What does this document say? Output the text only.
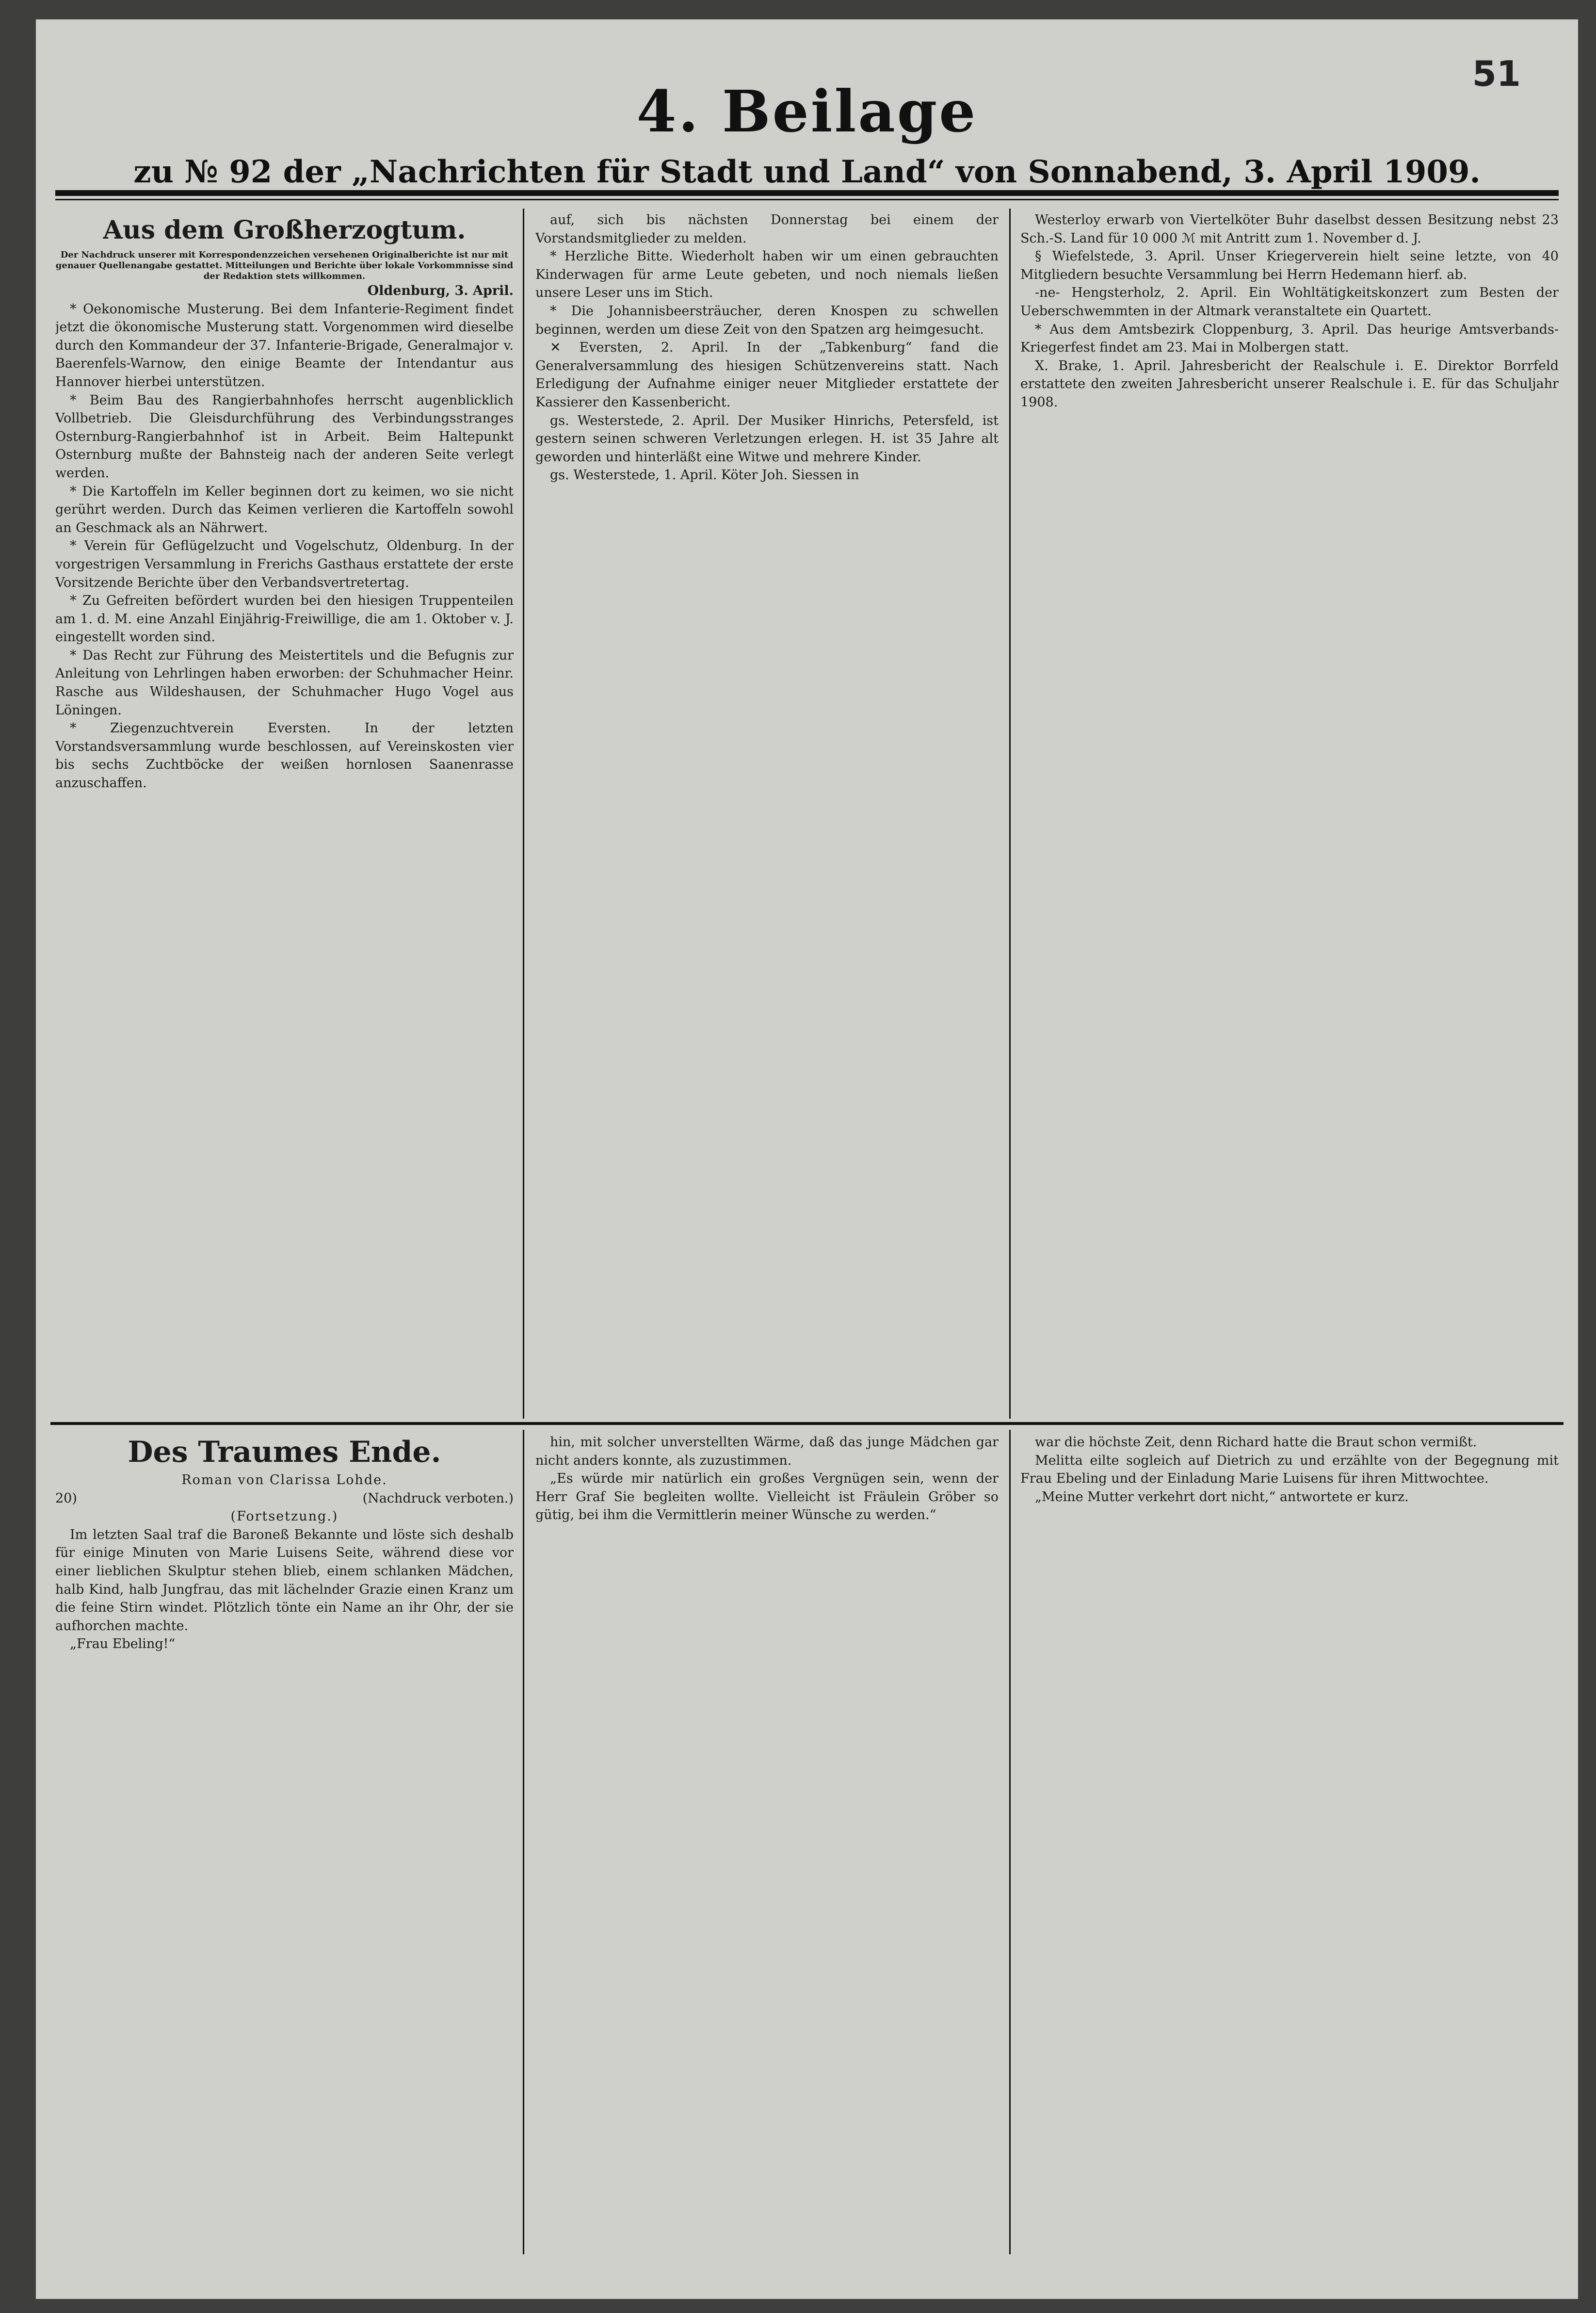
51
4. Beilage
zu № 92 der „Nachrichten für Stadt und Land“ von Sonnabend, 3. April 1909.

Aus dem Großherzogtum.

Der Nachdruck unserer mit Korrespondenzzeichen versehenen Originalberichte ist nur mit genauer Quellenangabe gestattet. Mitteilungen und Berichte über lokale Vorkommnisse sind der Redaktion stets willkommen.

Oldenburg, 3. April.

* Oekonomische Musterung. Bei dem Infanterie-Regiment findet jetzt die ökonomische Musterung statt. Vorgenommen wird dieselbe durch den Kommandeur der 37. Infanterie-Brigade, Generalmajor v. Baerenfels-Warnow, den einige Beamte der Intendantur aus Hannover hierbei unterstützen.

* Beim Bau des Rangierbahnhofes herrscht augenblicklich Vollbetrieb. Die Gleisdurchführung des Verbindungsstranges Osternburg-Rangierbahnhof ist in Arbeit. Beim Haltepunkt Osternburg mußte der Bahnsteig nach der anderen Seite verlegt werden.

* Die Kartoffeln im Keller beginnen dort zu keimen, wo sie nicht gerührt werden. Durch das Keimen verlieren die Kartoffeln sowohl an Geschmack als an Nährwert.

* Verein für Geflügelzucht und Vogelschutz, Oldenburg. In der vorgestrigen Versammlung in Frerichs Gasthaus erstattete der erste Vorsitzende Berichte über den Verbandsvertretertag.

* Zu Gefreiten befördert wurden bei den hiesigen Truppenteilen am 1. d. M. eine Anzahl Einjährig-Freiwillige, die am 1. Oktober v. J. eingestellt worden sind.

* Das Recht zur Führung des Meistertitels und die Befugnis zur Anleitung von Lehrlingen haben erworben: der Schuhmacher Heinr. Rasche aus Wildeshausen, der Schuhmacher Hugo Vogel aus Löningen.

* Ziegenzuchtverein Eversten. In der letzten Vorstandsversammlung wurde beschlossen, auf Vereinskosten vier bis sechs Zuchtböcke der weißen hornlosen Saanenrasse anzuschaffen.

auf, sich bis nächsten Donnerstag bei einem der Vorstandsmitglieder zu melden.

* Herzliche Bitte. Wiederholt haben wir um einen gebrauchten Kinderwagen für arme Leute gebeten, und noch niemals ließen unsere Leser uns im Stich.

* Die Johannisbeersträucher, deren Knospen zu schwellen beginnen, werden um diese Zeit von den Spatzen arg heimgesucht.

✕ Eversten, 2. April. In der „Tabkenburg“ fand die Generalversammlung des hiesigen Schützenvereins statt. Nach Erledigung der Aufnahme einiger neuer Mitglieder erstattete der Kassierer den Kassenbericht.

gs. Westerstede, 2. April. Der Musiker Hinrichs, Petersfeld, ist gestern seinen schweren Verletzungen erlegen. H. ist 35 Jahre alt geworden und hinterläßt eine Witwe und mehrere Kinder.

gs. Westerstede, 1. April. Köter Joh. Siessen in

Westerloy erwarb von Viertelköter Buhr daselbst dessen Besitzung nebst 23 Sch.-S. Land für 10 000 ℳ mit Antritt zum 1. November d. J.

§ Wiefelstede, 3. April. Unser Kriegerverein hielt seine letzte, von 40 Mitgliedern besuchte Versammlung bei Herrn Hedemann hierf. ab.

-ne- Hengsterholz, 2. April. Ein Wohltätigkeitskonzert zum Besten der Ueberschwemmten in der Altmark veranstaltete ein Quartett.

* Aus dem Amtsbezirk Cloppenburg, 3. April. Das heurige Amtsverbands-Kriegerfest findet am 23. Mai in Molbergen statt.

X. Brake, 1. April. Jahresbericht der Realschule i. E. Direktor Borrfeld erstattete den zweiten Jahresbericht unserer Realschule i. E. für das Schuljahr 1908.

Des Traumes Ende.

Roman von Clarissa Lohde.

20)	(Nachdruck verboten.)

(Fortsetzung.)

Im letzten Saal traf die Baroneß Bekannte und löste sich deshalb für einige Minuten von Marie Luisens Seite, während diese vor einer lieblichen Skulptur stehen blieb, einem schlanken Mädchen, halb Kind, halb Jungfrau, das mit lächelnder Grazie einen Kranz um die feine Stirn windet. Plötzlich tönte ein Name an ihr Ohr, der sie aufhorchen machte.

„Frau Ebeling!“

hin, mit solcher unverstellten Wärme, daß das junge Mädchen gar nicht anders konnte, als zuzustimmen.

„Es würde mir natürlich ein großes Vergnügen sein, wenn der Herr Graf Sie begleiten wollte. Vielleicht ist Fräulein Gröber so gütig, bei ihm die Vermittlerin meiner Wünsche zu werden.“

war die höchste Zeit, denn Richard hatte die Braut schon vermißt.

Melitta eilte sogleich auf Dietrich zu und erzählte von der Begegnung mit Frau Ebeling und der Einladung Marie Luisens für ihren Mittwochtee.

„Meine Mutter verkehrt dort nicht,“ antwortete er kurz.
